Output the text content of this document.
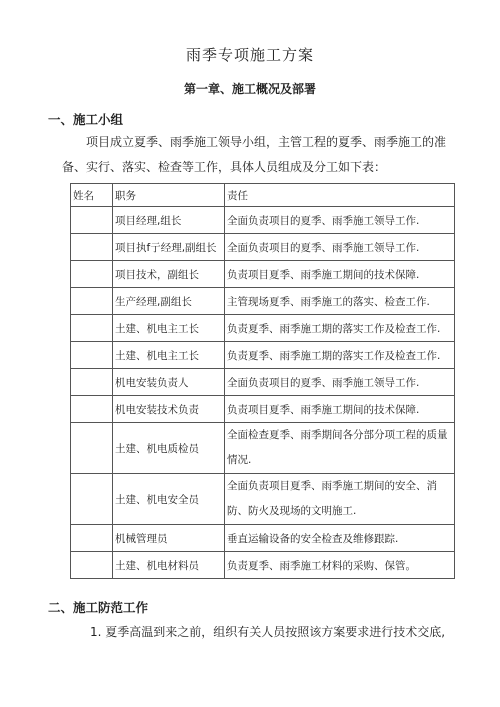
雨季专项施工方案
第一章、施工概况及部署
一、施工小组
项目成立夏季、雨季施工领导小组，主管工程的夏季、雨季施工的准备、实行、落实、检查等工作，具体人员组成及分工如下表：
姓名	职务	责任
	项目经理,组长	全面负责项目的夏季、雨季施工领导工作.
	项目执f亍经理,副组长	全面负责项目的夏季、雨季施工领导工作.
	项目技术，副组长	负责项目夏季、雨季施工期间的技术保障.
	生产经理,副组长	主管现场夏季、雨季施工的落实、检查工作.
	土建、机电主工长	负责夏季、雨季施工期的落实工作及检查工作.
	土建、机电主工长	负责夏季、雨季施工期的落实工作及检查工作.
	机电安装负责人	全面负责项目的夏季、雨季施工领导工作.
	机电安装技术负责	负责项目夏季、雨季施工期间的技术保障.
	土建、机电质检员	全面检查夏季、雨季期间各分部分项工程的质量情况.
	土建、机电安全员	全面负责项目夏季、雨季施工期间的安全、消防、防火及现场的文明施工.
	机械管理员	垂直运输设备的安全检查及维修跟踪.
	土建、机电材料员	负责夏季、雨季施工材料的采购、保管。
二、施工防范工作
1. 夏季高温到来之前，组织有关人员按照该方案要求进行技术交底,
